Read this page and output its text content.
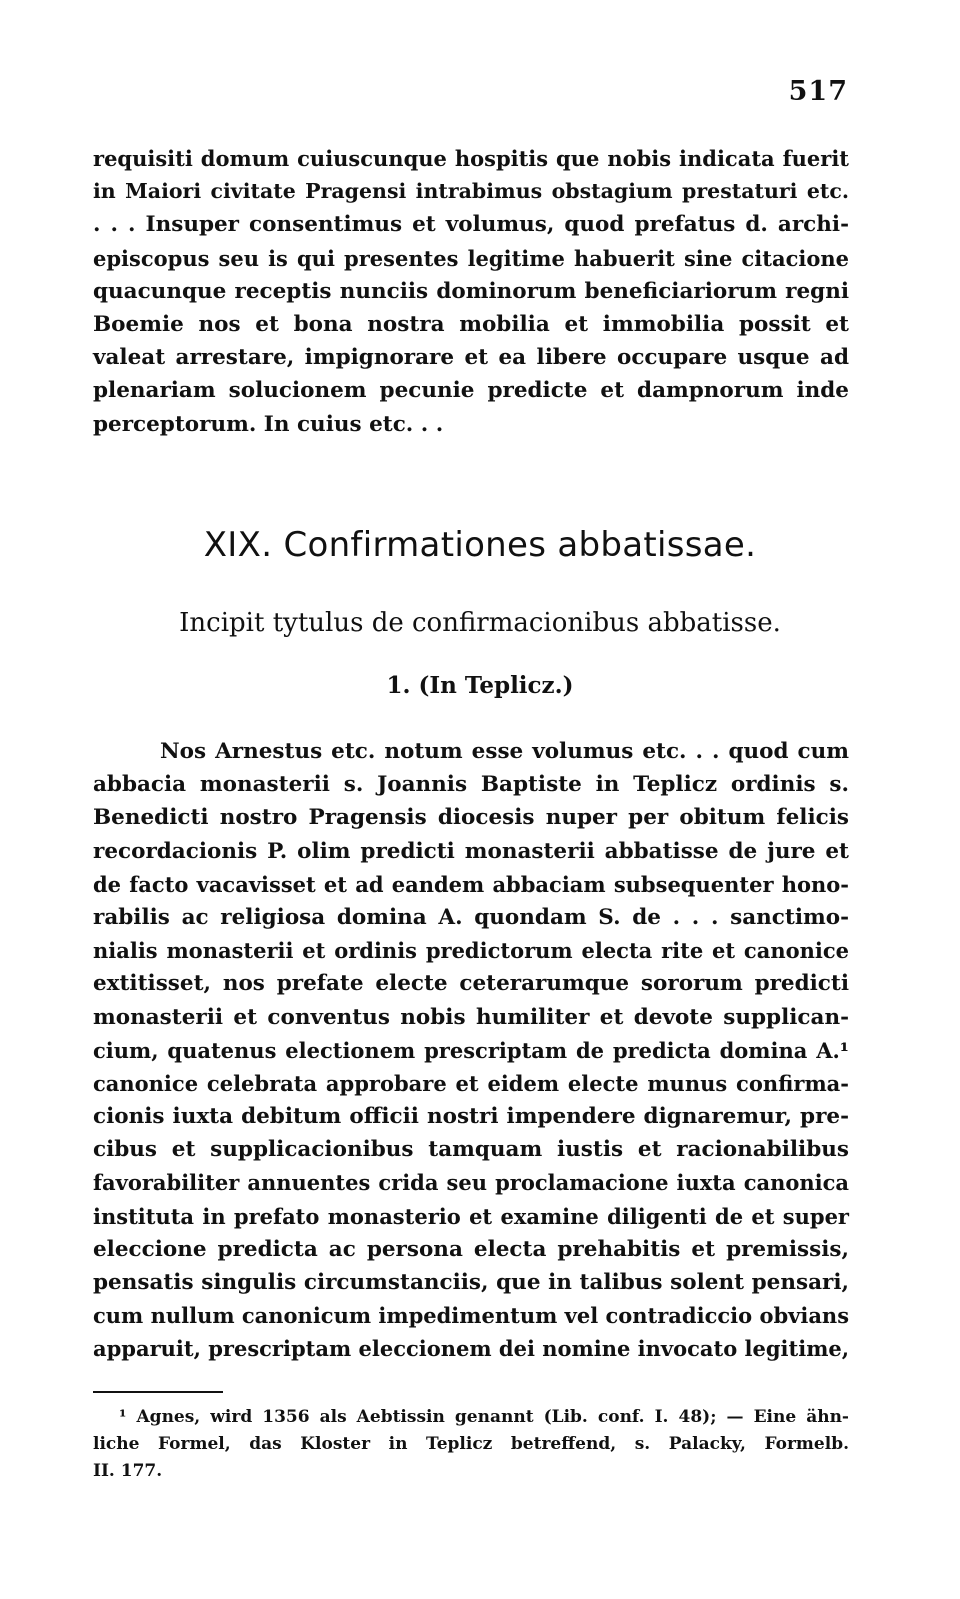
517
requisiti domum cuiuscunque hospitis que nobis indicata fuerit
in Maiori civitate Pragensi intrabimus obstagium prestaturi etc.
. . . Insuper consentimus et volumus, quod prefatus d. archi-
episcopus seu is qui presentes legitime habuerit sine citacione
quacunque receptis nunciis dominorum beneficiariorum regni
Boemie nos et bona nostra mobilia et immobilia possit et
valeat arrestare, impignorare et ea libere occupare usque ad
plenariam solucionem pecunie predicte et dampnorum inde
perceptorum. In cuius etc. . .
XIX. Confirmationes abbatissae.
Incipit tytulus de confirmacionibus abbatisse.
1. (In Teplicz.)
Nos Arnestus etc. notum esse volumus etc. . . quod cum
abbacia monasterii s. Joannis Baptiste in Teplicz ordinis s.
Benedicti nostro Pragensis diocesis nuper per obitum felicis
recordacionis P. olim predicti monasterii abbatisse de jure et
de facto vacavisset et ad eandem abbaciam subsequenter hono-
rabilis ac religiosa domina A. quondam S. de . . . sanctimo-
nialis monasterii et ordinis predictorum electa rite et canonice
extitisset, nos prefate electe ceterarumque sororum predicti
monasterii et conventus nobis humiliter et devote supplican-
cium, quatenus electionem prescriptam de predicta domina A.¹
canonice celebrata approbare et eidem electe munus confirma-
cionis iuxta debitum officii nostri impendere dignaremur, pre-
cibus et supplicacionibus tamquam iustis et racionabilibus
favorabiliter annuentes crida seu proclamacione iuxta canonica
instituta in prefato monasterio et examine diligenti de et super
eleccione predicta ac persona electa prehabitis et premissis,
pensatis singulis circumstanciis, que in talibus solent pensari,
cum nullum canonicum impedimentum vel contradiccio obvians
apparuit, prescriptam eleccionem dei nomine invocato legitime,
¹ Agnes, wird 1356 als Aebtissin genannt (Lib. conf. I. 48); — Eine ähn-
liche Formel, das Kloster in Teplicz betreffend, s. Palacky, Formelb.
II. 177.
